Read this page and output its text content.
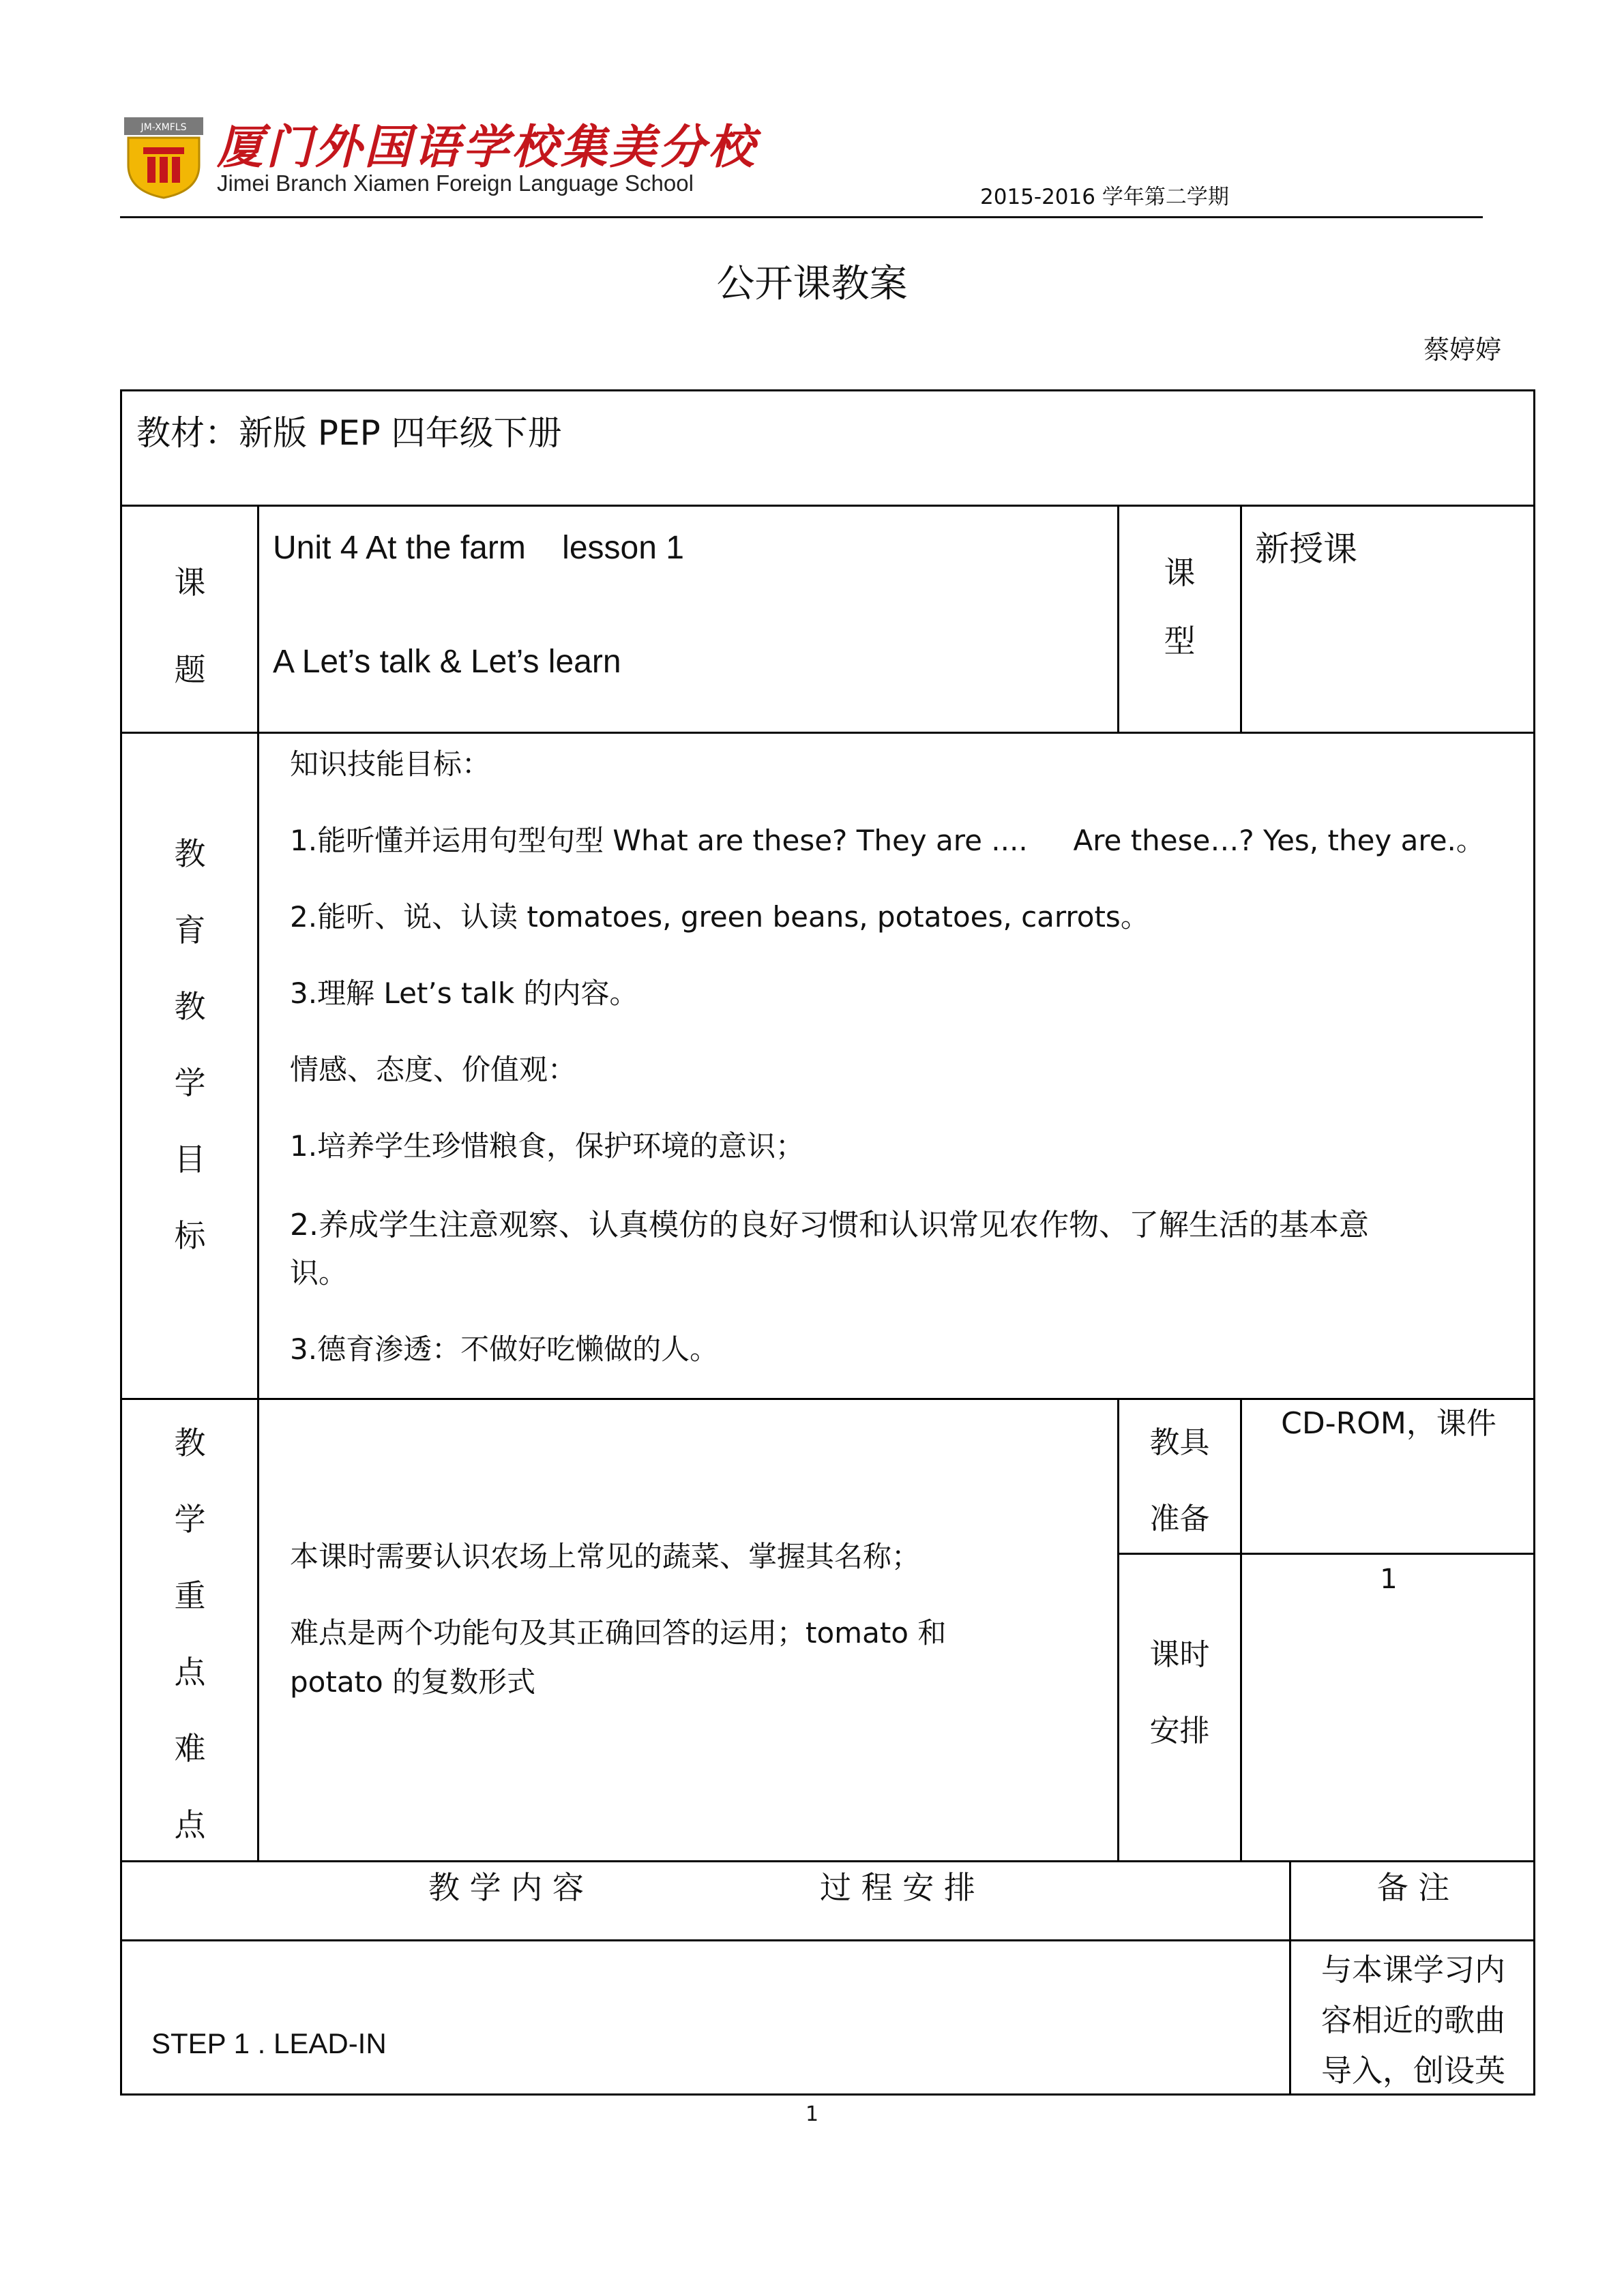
JM-XMFLS 厦门外国语学校集美分校
Jimei Branch Xiamen Foreign Language School
2015-2016 学年第二学期
公开课教案
蔡婷婷
教材：新版 PEP 四年级下册
课
题
Unit 4 At the farm    lesson 1
A Let’s talk & Let’s learn
课
型
新授课
教
育
教
学
目
标
知识技能目标：
1.能听懂并运用句型句型 What are these? They are ....     Are these…? Yes, they are.。
2.能听、说、认读 tomatoes, green beans, potatoes, carrots。
3.理解 Let’s talk 的内容。
情感、态度、价值观：
1.培养学生珍惜粮食，保护环境的意识；
2.养成学生注意观察、认真模仿的良好习惯和认识常见农作物、了解生活的基本意
识。
3.德育渗透：不做好吃懒做的人。
教
学
重
点
难
点
本课时需要认识农场上常见的蔬菜、掌握其名称；
难点是两个功能句及其正确回答的运用；tomato 和
potato 的复数形式
教具
准备
CD-ROM，课件
课时
安排
1
教 学 内 容	过 程 安 排	备 注
STEP 1 . LEAD-IN
与本课学习内
容相近的歌曲
导入，创设英
1
